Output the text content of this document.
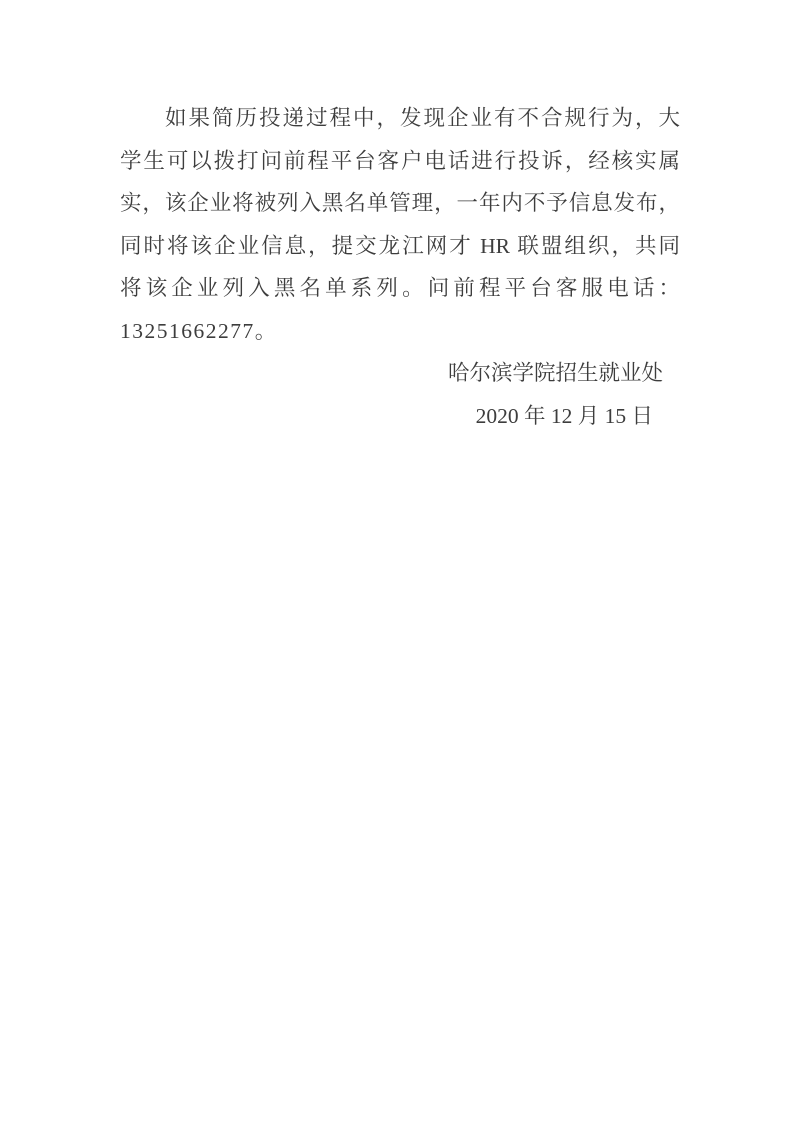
如果简历投递过程中，发现企业有不合规行为，大

学生可以拨打问前程平台客户电话进行投诉，经核实属

实，该企业将被列入黑名单管理，一年内不予信息发布，

同时将该企业信息，提交龙江网才 HR 联盟组织，共同

将该企业列入黑名单系列。问前程平台客服电话：

13251662277。

哈尔滨学院招生就业处

2020 年 12 月 15 日
